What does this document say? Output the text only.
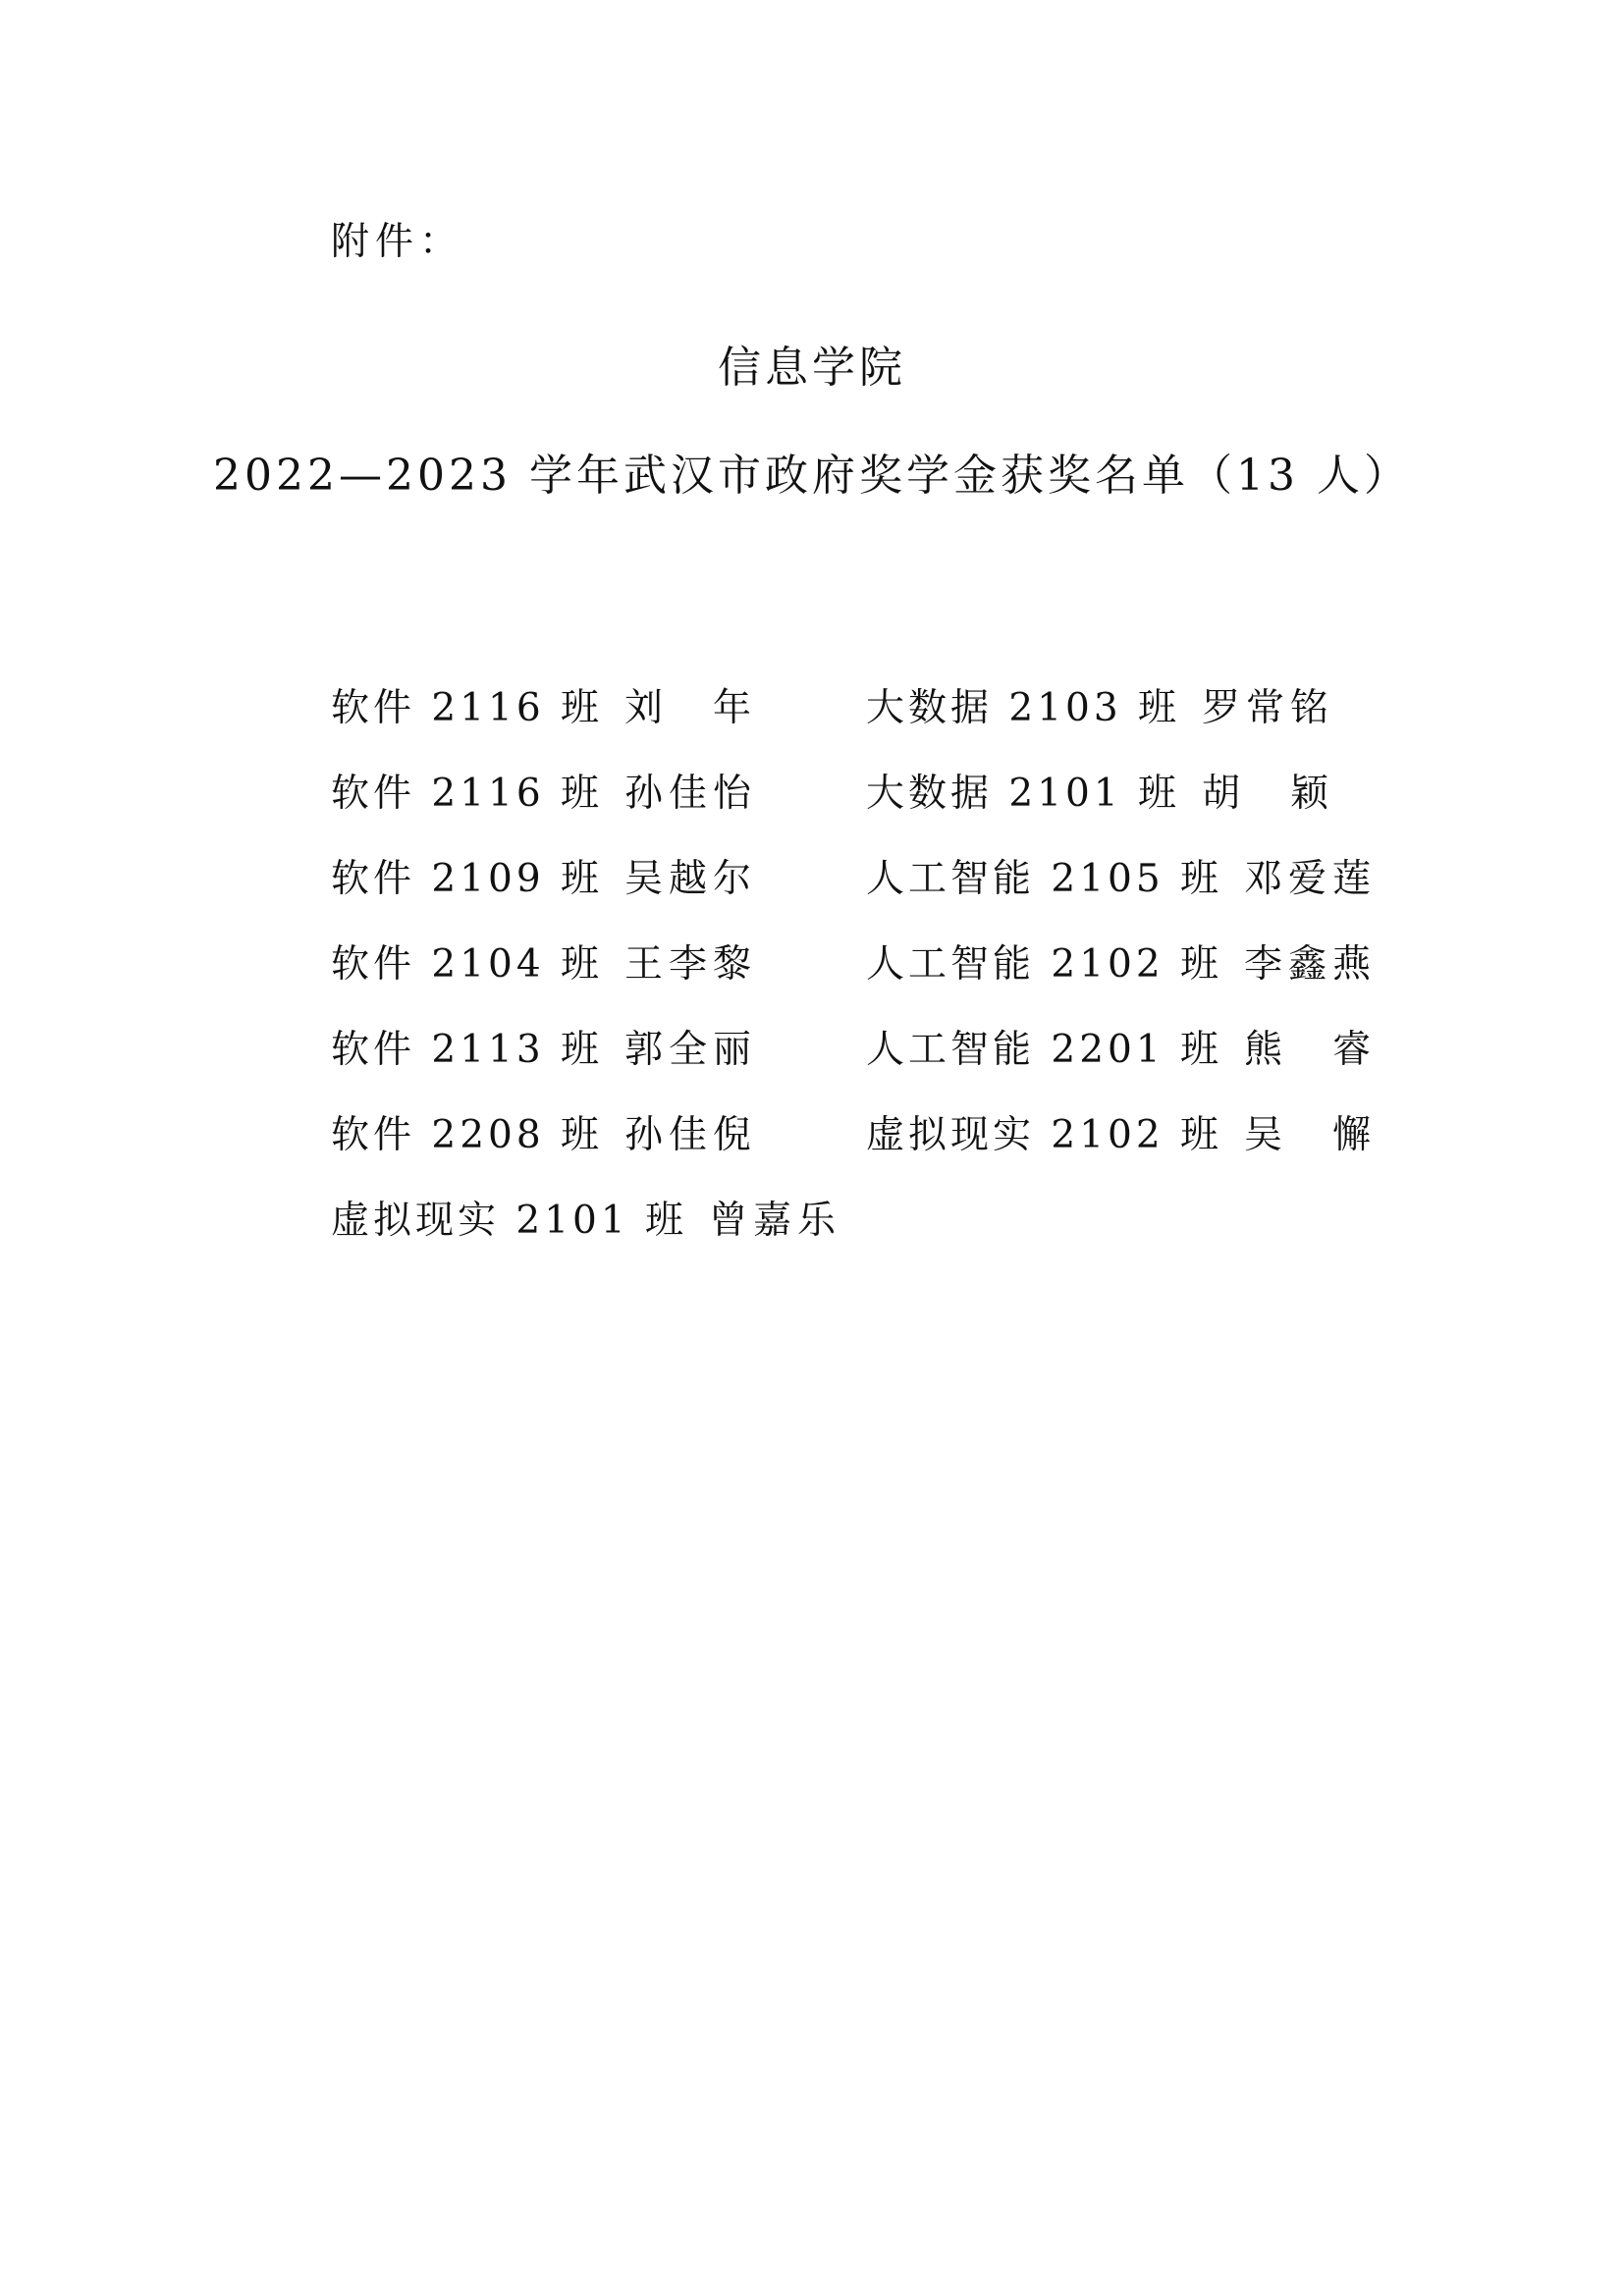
附件：
信息学院
2022—2023 学年武汉市政府奖学金获奖名单（13 人）
软件 2116 班 刘　年	大数据 2103 班 罗常铭
软件 2116 班 孙佳怡	大数据 2101 班 胡　颖
软件 2109 班 吴越尔	人工智能 2105 班 邓爱莲
软件 2104 班 王李黎	人工智能 2102 班 李鑫燕
软件 2113 班 郭全丽	人工智能 2201 班 熊　睿
软件 2208 班 孙佳倪	虚拟现实 2102 班 吴　懈
虚拟现实 2101 班 曾嘉乐
